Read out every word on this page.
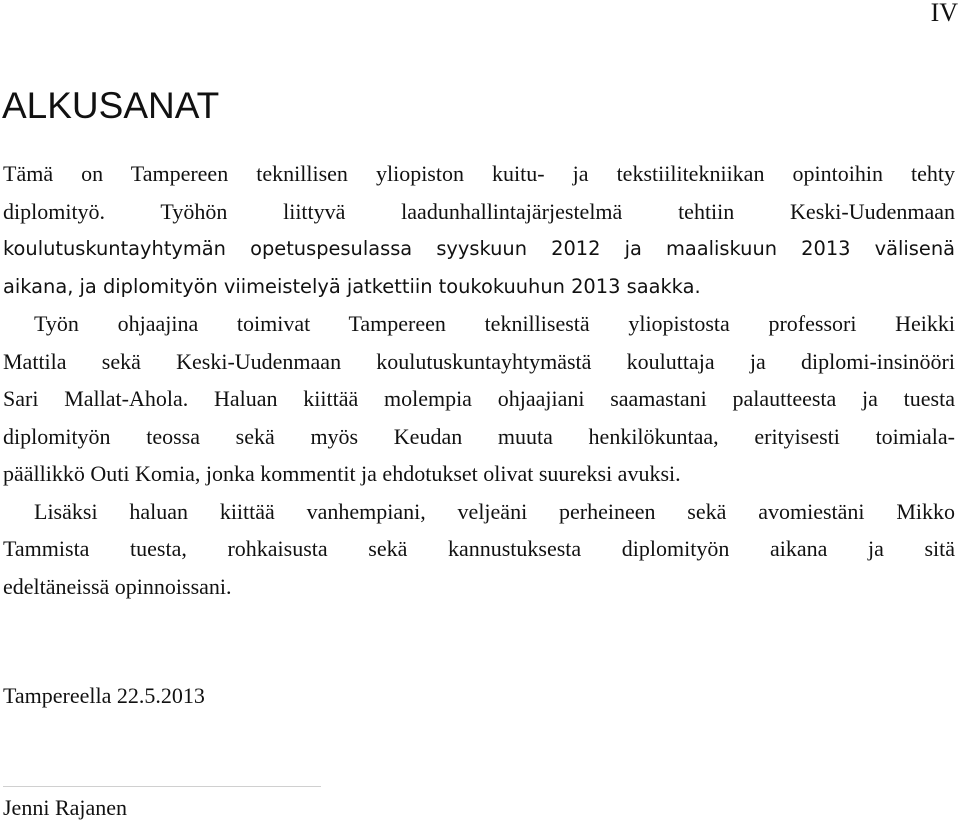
IV
ALKUSANAT

Tämä on Tampereen teknillisen yliopiston kuitu- ja tekstiilitekniikan opintoihin tehty
diplomityö. Työhön liittyvä laadunhallintajärjestelmä tehtiin Keski-Uudenmaan
koulutuskuntayhtymän opetuspesulassa syyskuun 2012 ja maaliskuun 2013 välisenä
aikana, ja diplomityön viimeistelyä jatkettiin toukokuuhun 2013 saakka.

Työn ohjaajina toimivat Tampereen teknillisestä yliopistosta professori Heikki
Mattila sekä Keski-Uudenmaan koulutuskuntayhtymästä kouluttaja ja diplomi-insinööri
Sari Mallat-Ahola. Haluan kiittää molempia ohjaajiani saamastani palautteesta ja tuesta
diplomityön teossa sekä myös Keudan muuta henkilökuntaa, erityisesti toimiala-
päällikkö Outi Komia, jonka kommentit ja ehdotukset olivat suureksi avuksi.

Lisäksi haluan kiittää vanhempiani, veljeäni perheineen sekä avomiestäni Mikko
Tammista tuesta, rohkaisusta sekä kannustuksesta diplomityön aikana ja sitä
edeltäneissä opinnoissani.

Tampereella 22.5.2013
Jenni Rajanen
